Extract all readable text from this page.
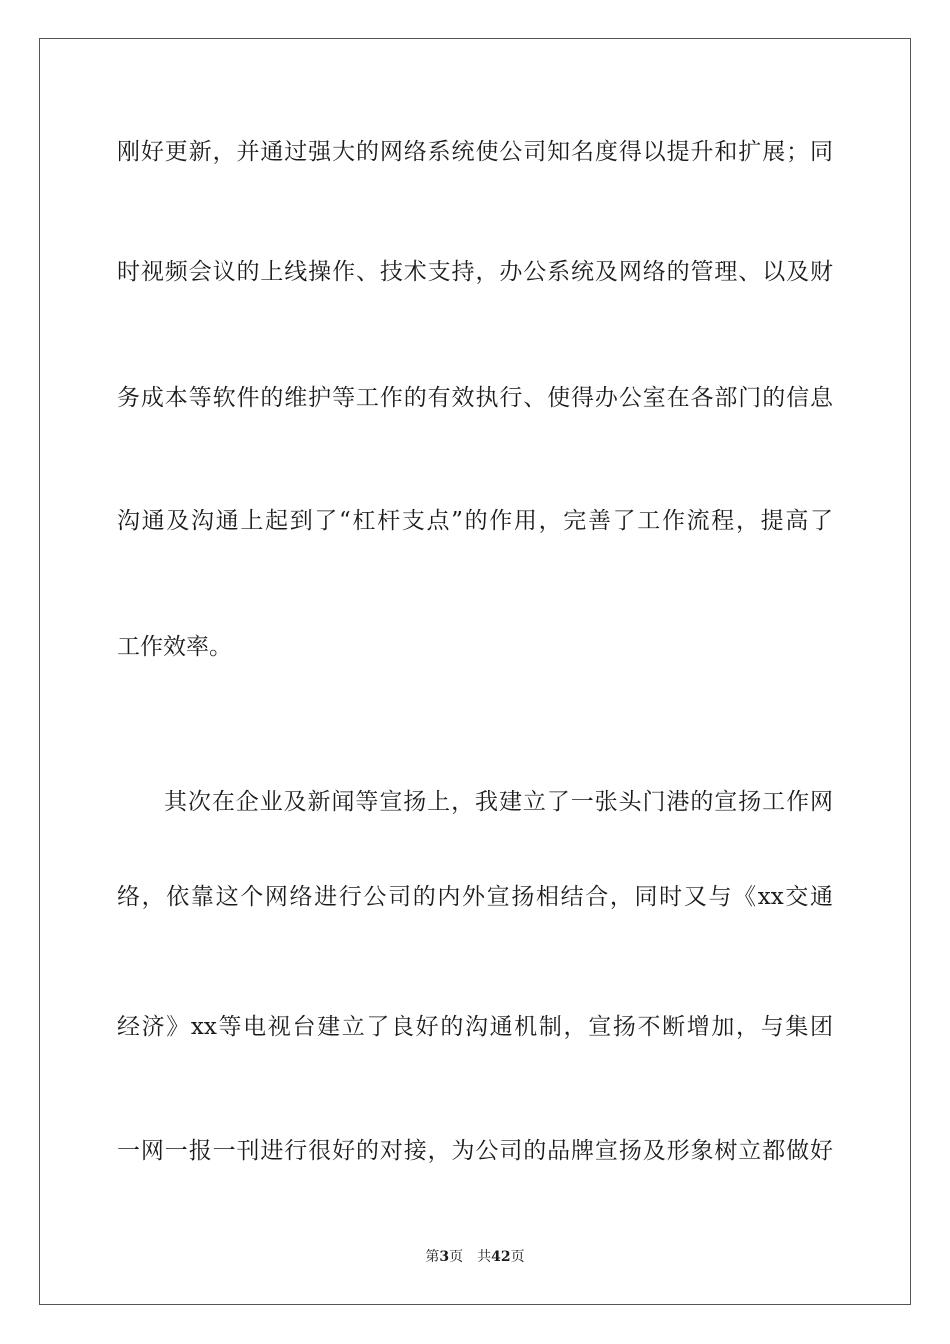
刚好更新，并通过强大的网络系统使公司知名度得以提升和扩展；同
时视频会议的上线操作、技术支持，办公系统及网络的管理、以及财
务成本等软件的维护等工作的有效执行、使得办公室在各部门的信息
沟通及沟通上起到了“杠杆支点”的作用，完善了工作流程，提高了
工作效率。
其次在企业及新闻等宣扬上，我建立了一张头门港的宣扬工作网
络，依靠这个网络进行公司的内外宣扬相结合，同时又与《xx交通
经济》xx等电视台建立了良好的沟通机制，宣扬不断增加，与集团
一网一报一刊进行很好的对接，为公司的品牌宣扬及形象树立都做好
第3页 共42页
